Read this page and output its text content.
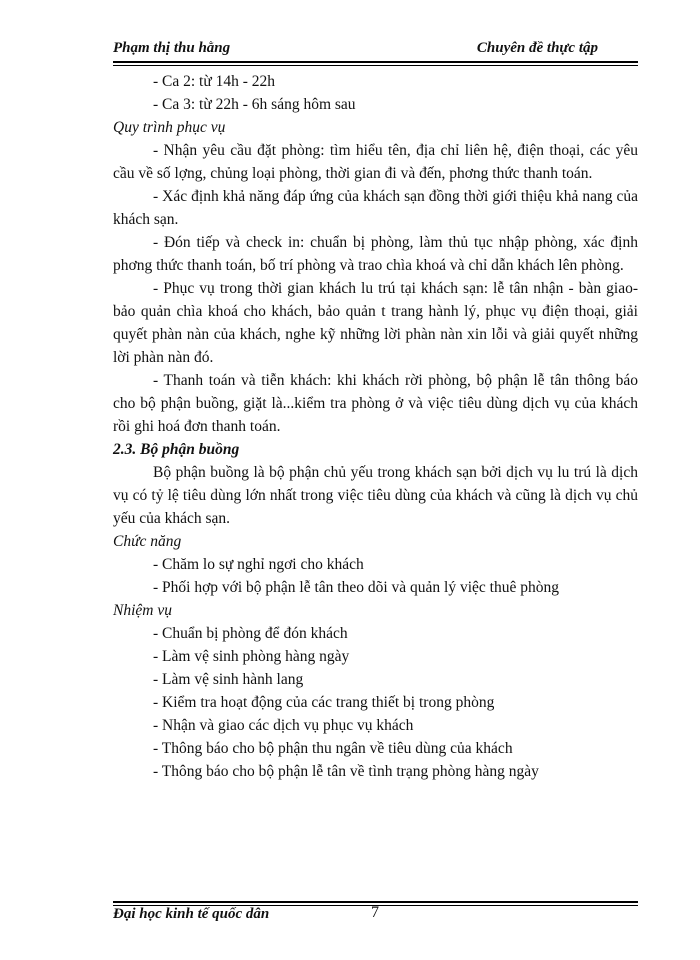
Phạm thị thu hằng	Chuyên đề thực tập

- Ca 2: từ 14h - 22h

- Ca 3: từ 22h - 6h sáng hôm sau

Quy trình phục vụ

- Nhận yêu cầu đặt phòng: tìm hiểu tên, địa chỉ liên hệ, điện thoại, các yêu cầu về số lợng, chủng loại phòng, thời gian đi và đến, phơng thức thanh toán.

- Xác định khả năng đáp ứng của khách sạn đồng thời giới thiệu khả nang của khách sạn.

- Đón tiếp và check in: chuẩn bị phòng, làm thủ tục nhập phòng, xác định phơng thức thanh toán, bố trí phòng và trao chìa khoá và chỉ dẫn khách lên phòng.

- Phục vụ trong thời gian khách lu trú tại khách sạn: lễ tân nhận - bàn giao- bảo quản chìa khoá cho khách, bảo quản t trang hành lý, phục vụ điện thoại, giải quyết phàn nàn của khách, nghe kỹ những lời phàn nàn xin lỗi và giải quyết những lời phàn nàn đó.

- Thanh toán và tiễn khách: khi khách rời phòng, bộ phận lễ tân thông báo cho bộ phận buồng, giặt là...kiểm tra phòng ở và việc tiêu dùng dịch vụ của khách rồi ghi hoá đơn thanh toán.

2.3. Bộ phận buồng

Bộ phận buồng là bộ phận chủ yếu trong khách sạn bởi dịch vụ lu trú là dịch vụ có tỷ lệ tiêu dùng lớn nhất trong việc tiêu dùng của khách và cũng là dịch vụ chủ yếu của khách sạn.

Chức năng

- Chăm lo sự nghỉ ngơi cho khách

- Phối hợp với bộ phận lễ tân theo dõi và quản lý việc thuê phòng

Nhiệm vụ

- Chuẩn bị phòng để đón khách

- Làm vệ sinh phòng hàng ngày

- Làm vệ sinh hành lang

- Kiểm tra hoạt động của các trang thiết bị trong phòng

- Nhận và giao các dịch vụ phục vụ khách

- Thông báo cho bộ phận thu ngân về tiêu dùng của khách

- Thông báo cho bộ phận lễ tân về tình trạng phòng hàng ngày

Đại học kinh tế quốc dân	7
